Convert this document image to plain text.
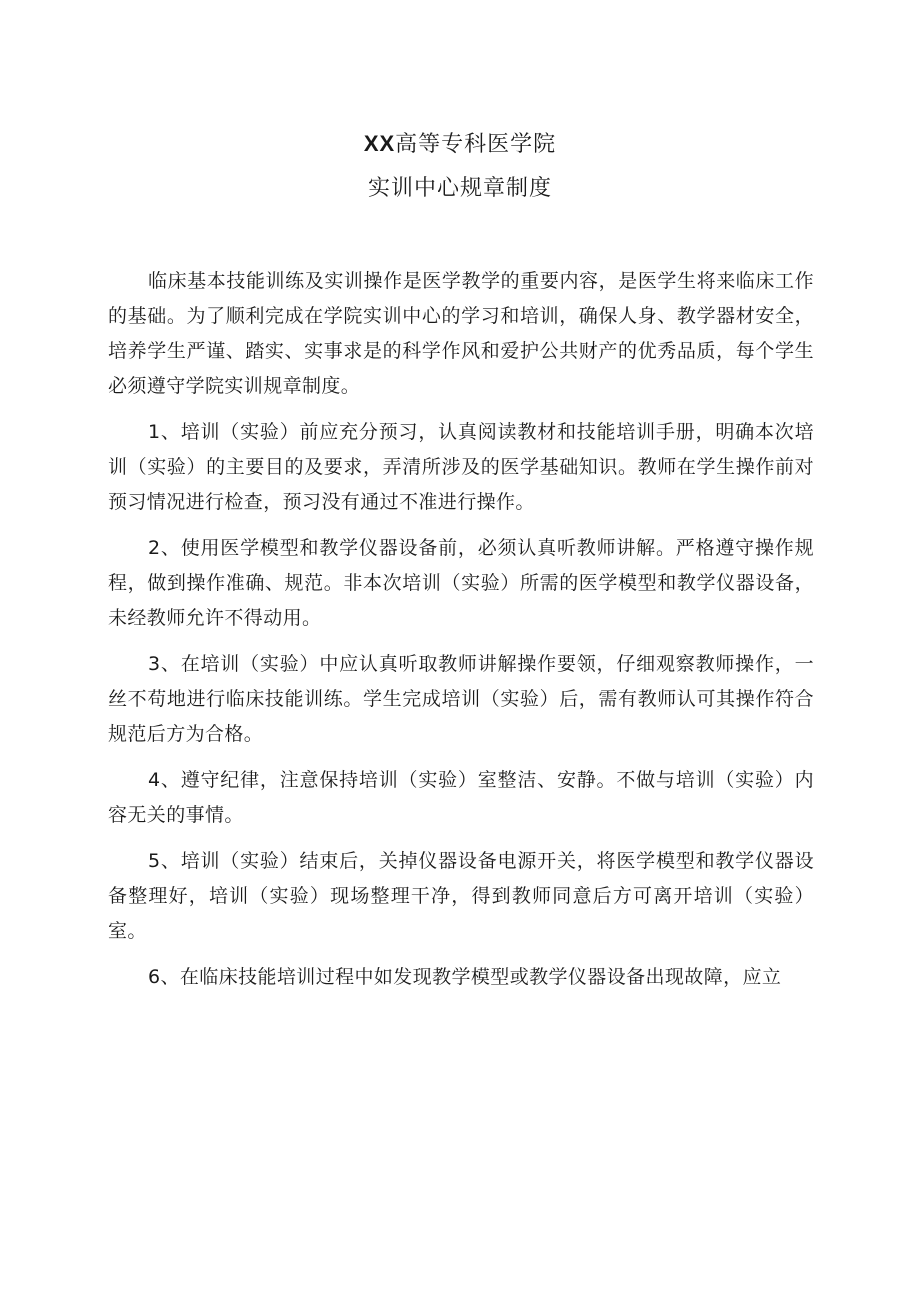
XX高等专科医学院
实训中心规章制度

临床基本技能训练及实训操作是医学教学的重要内容，是医学生将来临床工作的基础。为了顺利完成在学院实训中心的学习和培训，确保人身、教学器材安全，培养学生严谨、踏实、实事求是的科学作风和爱护公共财产的优秀品质，每个学生必须遵守学院实训规章制度。

1、培训（实验）前应充分预习，认真阅读教材和技能培训手册，明确本次培训（实验）的主要目的及要求，弄清所涉及的医学基础知识。教师在学生操作前对预习情况进行检查，预习没有通过不准进行操作。

2、使用医学模型和教学仪器设备前，必须认真听教师讲解。严格遵守操作规程，做到操作准确、规范。非本次培训（实验）所需的医学模型和教学仪器设备，未经教师允许不得动用。

3、在培训（实验）中应认真听取教师讲解操作要领，仔细观察教师操作，一丝不苟地进行临床技能训练。学生完成培训（实验）后，需有教师认可其操作符合规范后方为合格。

4、遵守纪律，注意保持培训（实验）室整洁、安静。不做与培训（实验）内容无关的事情。

5、培训（实验）结束后，关掉仪器设备电源开关，将医学模型和教学仪器设备整理好，培训（实验）现场整理干净，得到教师同意后方可离开培训（实验）室。

6、在临床技能培训过程中如发现教学模型或教学仪器设备出现故障，应立
